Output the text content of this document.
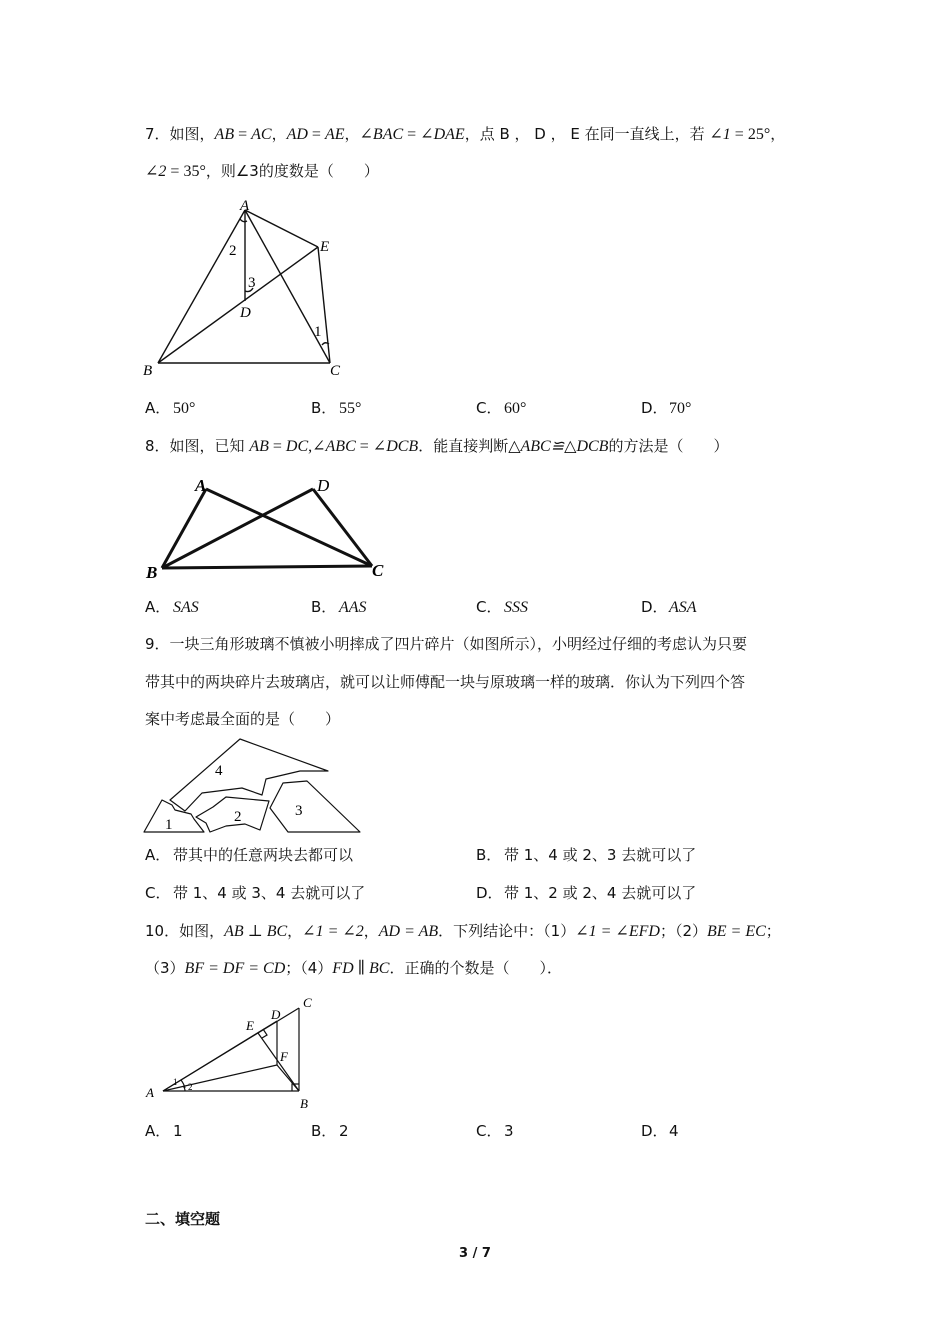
7．如图，AB = AC，AD = AE，∠BAC = ∠DAE，点 B ， D ， E 在同一直线上，若 ∠1 = 25°，
∠2 = 35°，则∠3的度数是（　　）
A
E
D
B	C
2
3
1
A． 50°	B． 55°	C． 60°	D．70°
8．如图，已知 AB = DC,∠ABC = ∠DCB．能直接判断△ABC≌△DCB的方法是（　　）
A	D
B	C
A． SAS	B． AAS	C． SSS	D．ASA
9．一块三角形玻璃不慎被小明摔成了四片碎片（如图所示），小明经过仔细的考虑认为只要
带其中的两块碎片去玻璃店，就可以让师傅配一块与原玻璃一样的玻璃．你认为下列四个答
案中考虑最全面的是（　　）
4
1	2	3
A． 带其中的任意两块去都可以	B． 带 1、4 或 2、3 去就可以了
C． 带 1、4 或 3、4 去就可以了	D．带 1、2 或 2、4 去就可以了
10．如图，AB ⊥ BC，∠1 = ∠2，AD = AB．下列结论中：（1）∠1 = ∠EFD；（2）BE = EC；
（3）BF = DF = CD；（4）FD ∥ BC．正确的个数是（　　）．
A
B
C
D
E
F
1 2
A． 1	B． 2	C． 3	D．4
二、填空题
3 / 7
